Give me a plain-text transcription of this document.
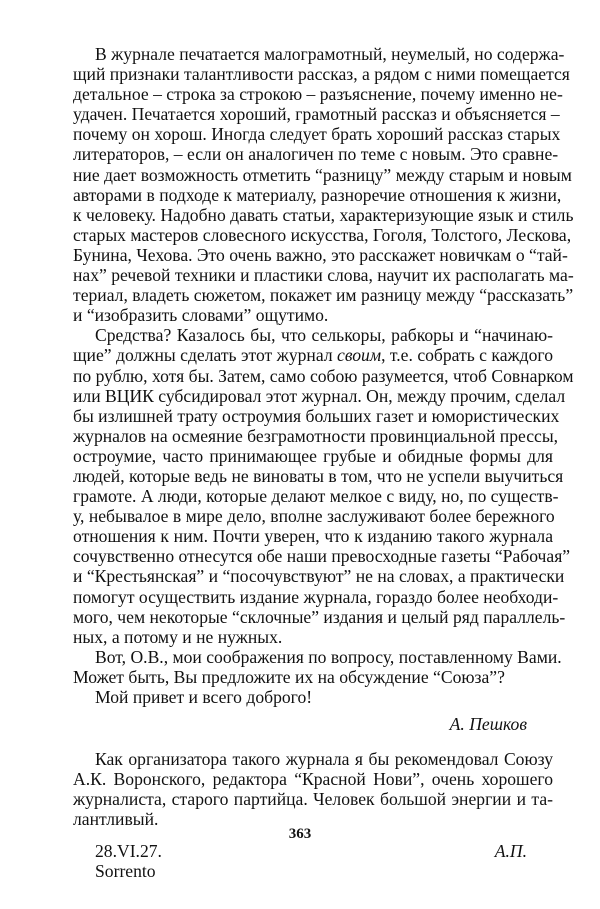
В журнале печатается малограмотный, неумелый, но содержа-
щий признаки талантливости рассказ, а рядом с ними помещается
детальное – строка за строкою – разъяснение, почему именно не-
удачен. Печатается хороший, грамотный рассказ и объясняется –
почему он хорош. Иногда следует брать хороший рассказ старых
литераторов, – если он аналогичен по теме с новым. Это сравне-
ние дает возможность отметить “разницу” между старым и новым
авторами в подходе к материалу, разноречие отношения к жизни,
к человеку. Надобно давать статьи, характеризующие язык и стиль
старых мастеров словесного искусства, Гоголя, Толстого, Лескова,
Бунина, Чехова. Это очень важно, это расскажет новичкам о “тай-
нах” речевой техники и пластики слова, научит их располагать ма-
териал, владеть сюжетом, покажет им разницу между “рассказать”
и “изобразить словами” ощутимо.
Средства? Казалось бы, что селькоры, рабкоры и “начинаю-
щие” должны сделать этот журнал своим, т.е. собрать с каждого
по рублю, хотя бы. Затем, само собою разумеется, чтоб Совнарком
или ВЦИК субсидировал этот журнал. Он, между прочим, сделал
бы излишней трату остроумия больших газет и юмористических
журналов на осмеяние безграмотности провинциальной прессы,
остроумие, часто принимающее грубые и обидные формы для
людей, которые ведь не виноваты в том, что не успели выучиться
грамоте. А люди, которые делают мелкое с виду, но, по существ-
у, небывалое в мире дело, вполне заслуживают более бережного
отношения к ним. Почти уверен, что к изданию такого журнала
сочувственно отнесутся обе наши превосходные газеты “Рабочая”
и “Крестьянская” и “посочувствуют” не на словах, а практически
помогут осуществить издание журнала, гораздо более необходи-
мого, чем некоторые “склочные” издания и целый ряд параллель-
ных, а потому и не нужных.
Вот, О.В., мои соображения по вопросу, поставленному Вами.
Может быть, Вы предложите их на обсуждение “Союза”?
Мой привет и всего доброго!
А. Пешков
Как организатора такого журнала я бы рекомендовал Союзу
А.К. Воронского, редактора “Красной Нови”, очень хорошего
журналиста, старого партийца. Человек большой энергии и та-
лантливый.
28.VI.27.	А.П.
Sorrento
363
